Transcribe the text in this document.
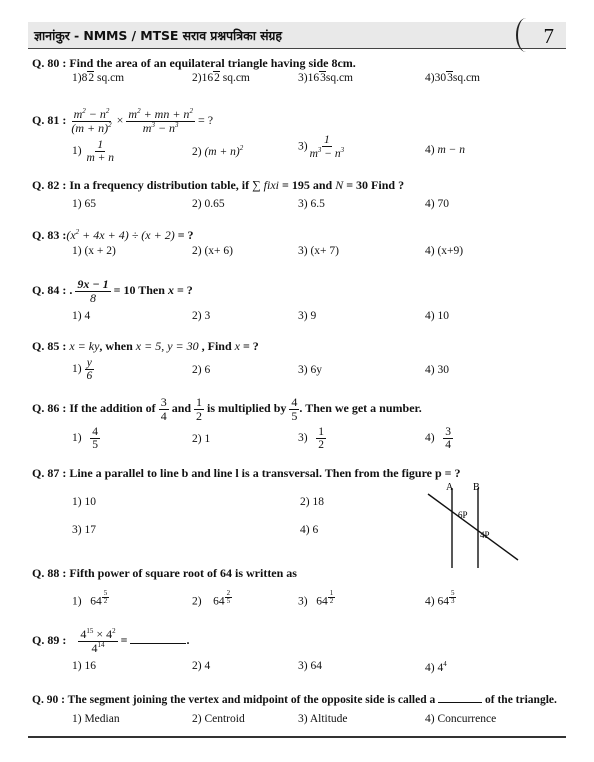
ज्ञानांकुर - NMMS / MTSE सराव प्रश्नपत्रिका संग्रह	7
Q. 80 : Find the area of an equilateral triangle having side 8cm.
1)82 sq.cm	2)162 sq.cm	3)163sq.cm	4)303sq.cm
Q. 81 : $\frac{m^2 - n^2}{(m + n)^2} \times \frac{m^2 + mn + n^2}{m^3 - n^3}$ = ?
$1) \frac{1}{m + n}$	2) $(m + n)^2$	$3) \frac{1}{m^3 - n^3}$	4) m − n
Q. 82 : In a frequency distribution table, if ∑ fixi = 195 and N = 30 Find ?
1) 65	2) 0.65	3) 6.5	4) 70
Q. 83 $:(x^2 + 4x + 4) \div (x + 2)$ = ?
1) (x + 2)	2) (x+ 6)	3) (x+ 7)	4) (x+9)
Q. 84 : . $\frac{9x - 1}{8} = 10$ Then x = ?
1) 4	2) 3	3) 9	4) 10
Q. 85 : x = ky, when x = 5, y = 30 , Find x = ?
$1) \frac{y}{6}$	2) 6	3) 6y	4) 30
Q. 86 : If the addition of $\frac{3}{4}$ and $\frac{1}{2}$ is multiplied by $\frac{4}{5}$ . Then we get a number.
$1) \frac{4}{5}$	2) 1	$3) \frac{1}{2}$	$4) \frac{3}{4}$
Q. 87 : Line a parallel to line b and line l is a transversal. Then from the figure p = ?
1) 10	2) 18
3) 17	4) 6
A B
6P
4P
Q. 88 : Fifth power of square root of 64 is written as
1)   64 $^{\frac{5}{2}}$	2)    64 $^{\frac{2}{5}}$	3)   64 $^{\frac{1}{2}}$	4) 64 $^{\frac{5}{3}}$
Q. 89 : $\frac{4^{15} \times 4^2}{4^{14}}$ =	.
1) 16	2) 4	3) 64	4) $4^4$
Q. 90 : The segment joining the vertex and midpoint of the opposite side is called a	of the triangle.
1) Median	2) Centroid	3) Altitude	4) Concurrence
